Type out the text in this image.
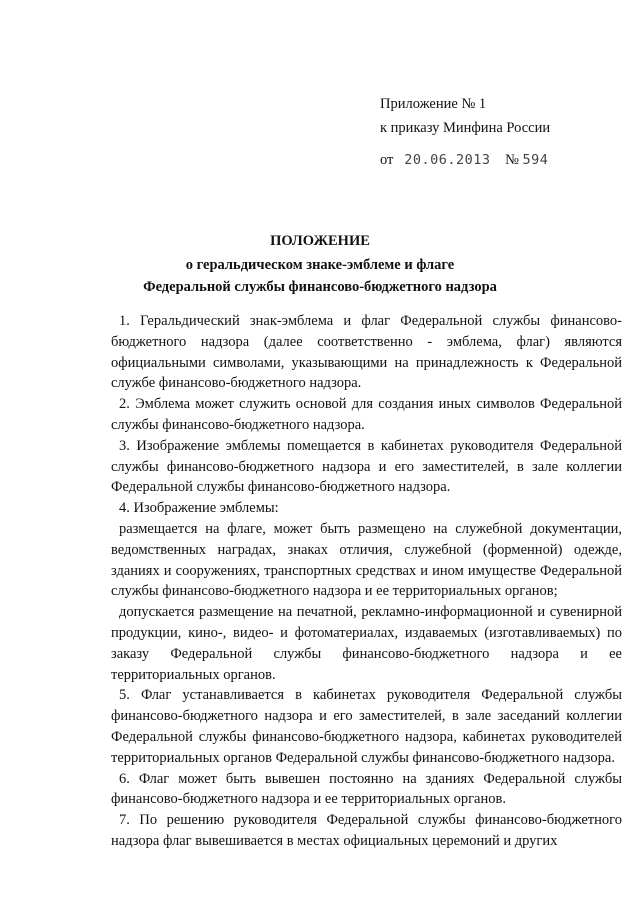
Приложение № 1
к приказу Минфина России
от 20.06.2013 № 594
ПОЛОЖЕНИЕ
о геральдическом знаке-эмблеме и флаге
Федеральной службы финансово-бюджетного надзора

1. Геральдический знак-эмблема и флаг Федеральной службы финансово-бюджетного надзора (далее соответственно - эмблема, флаг) являются официальными символами, указывающими на принадлежность к Федеральной службе финансово-бюджетного надзора.

2. Эмблема может служить основой для создания иных символов Федеральной службы финансово-бюджетного надзора.

3. Изображение эмблемы помещается в кабинетах руководителя Федеральной службы финансово-бюджетного надзора и его заместителей, в зале коллегии Федеральной службы финансово-бюджетного надзора.

4. Изображение эмблемы:

размещается на флаге, может быть размещено на служебной документации, ведомственных наградах, знаках отличия, служебной (форменной) одежде, зданиях и сооружениях, транспортных средствах и ином имуществе Федеральной службы финансово-бюджетного надзора и ее территориальных органов;

допускается размещение на печатной, рекламно-информационной и сувенирной продукции, кино-, видео- и фотоматериалах, издаваемых (изготавливаемых) по заказу Федеральной службы финансово-бюджетного надзора и ее территориальных органов.

5. Флаг устанавливается в кабинетах руководителя Федеральной службы финансово-бюджетного надзора и его заместителей, в зале заседаний коллегии Федеральной службы финансово-бюджетного надзора, кабинетах руководителей территориальных органов Федеральной службы финансово-бюджетного надзора.

6. Флаг может быть вывешен постоянно на зданиях Федеральной службы финансово-бюджетного надзора и ее территориальных органов.

7. По решению руководителя Федеральной службы финансово-бюджетного надзора флаг вывешивается в местах официальных церемоний и других
